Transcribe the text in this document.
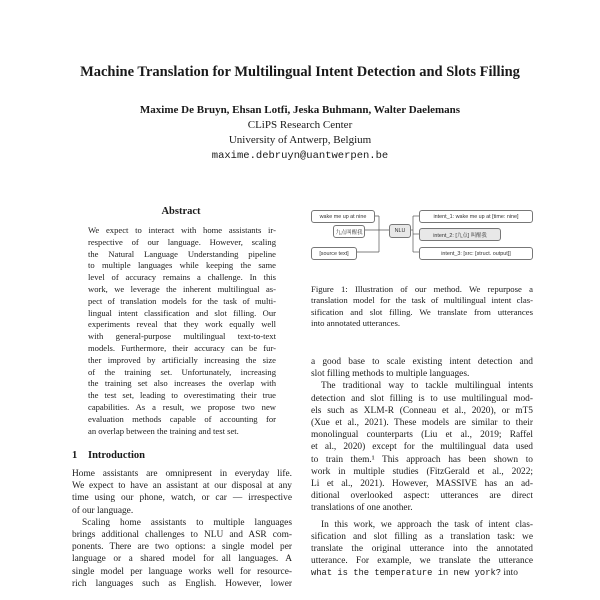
Machine Translation for Multilingual Intent Detection and Slots Filling
Maxime De Bruyn, Ehsan Lotfi, Jeska Buhmann, Walter Daelemans
CLiPS Research Center
University of Antwerp, Belgium
maxime.debruyn@uantwerpen.be
Abstract
We expect to interact with home assistants ir-
respective of our language. However, scaling
the Natural Language Understanding pipeline
to multiple languages while keeping the same
level of accuracy remains a challenge. In this
work, we leverage the inherent multilingual as-
pect of translation models for the task of multi-
lingual intent classification and slot filling. Our
experiments reveal that they work equally well
with general-purpose multilingual text-to-text
models. Furthermore, their accuracy can be fur-
ther improved by artificially increasing the size
of the training set. Unfortunately, increasing
the training set also increases the overlap with
the test set, leading to overestimating their true
capabilities. As a result, we propose two new
evaluation methods capable of accounting for
an overlap between the training and test set.
wake me up at nine
九点叫醒我
[source text]
NLU
intent_1: wake me up at [time: nine]
intent_2: [九点] 叫醒我
intent_3: [src: [struct. output]]
Figure 1: Illustration of our method. We repurpose a
translation model for the task of multilingual intent clas-
sification and slot filling. We translate from utterances
into annotated utterances.
1 Introduction
Home assistants are omnipresent in everyday life.
We expect to have an assistant at our disposal at any
time using our phone, watch, or car — irrespective
of our language.
Scaling home assistants to multiple languages
brings additional challenges to NLU and ASR com-
ponents. There are two options: a single model per
language or a shared model for all languages. A
single model per language works well for resource-
rich languages such as English. However, lower
a good base to scale existing intent detection and
slot filling methods to multiple languages.
The traditional way to tackle multilingual intents
detection and slot filling is to use multilingual mod-
els such as XLM-R (Conneau et al., 2020), or mT5
(Xue et al., 2021). These models are similar to their
monolingual counterparts (Liu et al., 2019; Raffel
et al., 2020) except for the multilingual data used
to train them.¹ This approach has been shown to
work in multiple studies (FitzGerald et al., 2022;
Li et al., 2021). However, MASSIVE has an ad-
ditional overlooked aspect: utterances are direct
translations of one another.
In this work, we approach the task of intent clas-
sification and slot filling as a translation task: we
translate the original utterance into the annotated
utterance. For example, we translate the utterance
what is the temperature in new york? into
